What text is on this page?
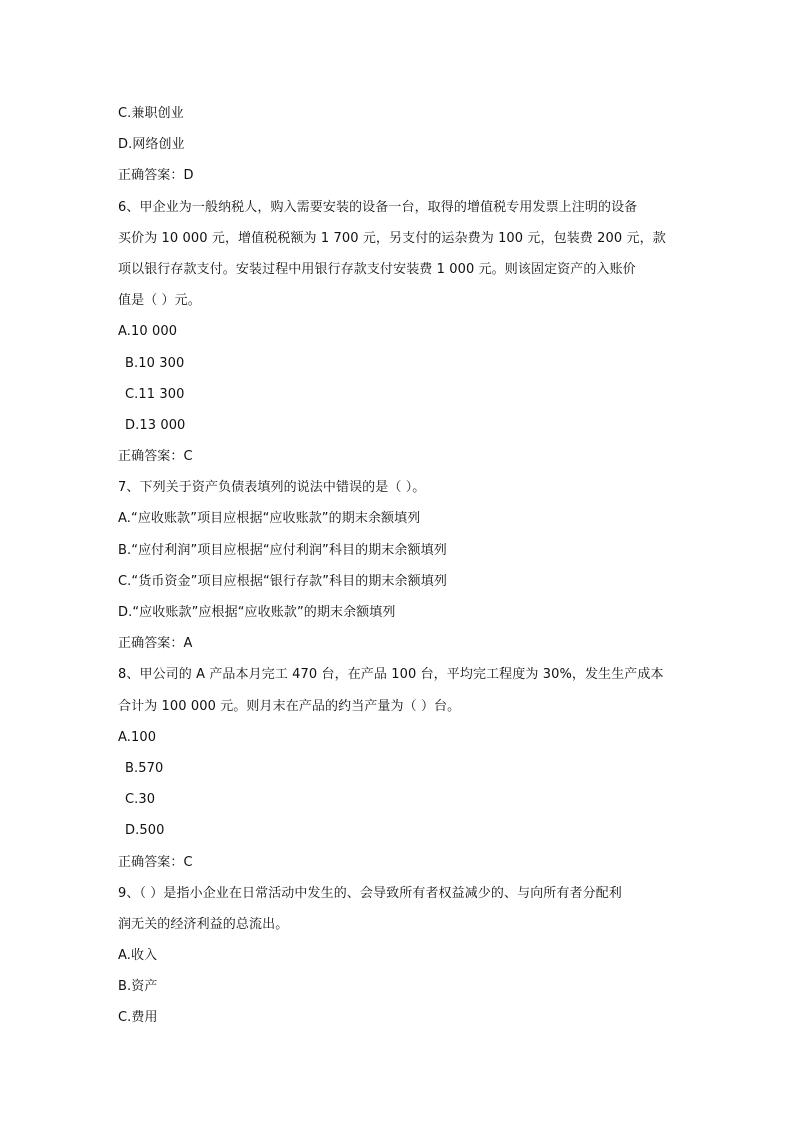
C.兼职创业
D.网络创业
正确答案：D
6、甲企业为一般纳税人，购入需要安装的设备一台，取得的增值税专用发票上注明的设备
买价为 10 000 元，增值税税额为 1 700 元，另支付的运杂费为 100 元，包装费 200 元，款
项以银行存款支付。安装过程中用银行存款支付安装费 1 000 元。则该固定资产的入账价
值是（ ）元。
A.10 000
B.10 300
C.11 300
D.13 000
正确答案：C
7、下列关于资产负债表填列的说法中错误的是（ ）。
A.“应收账款”项目应根据“应收账款”的期末余额填列
B.“应付利润”项目应根据“应付利润”科目的期末余额填列
C.“货币资金”项目应根据“银行存款”科目的期末余额填列
D.“应收账款”应根据“应收账款”的期末余额填列
正确答案：A
8、甲公司的 A 产品本月完工 470 台，在产品 100 台，平均完工程度为 30%，发生生产成本
合计为 100 000 元。则月末在产品的约当产量为（ ）台。
A.100
B.570
C.30
D.500
正确答案：C
9、（ ）是指小企业在日常活动中发生的、会导致所有者权益减少的、与向所有者分配利
润无关的经济利益的总流出。
A.收入
B.资产
C.费用
